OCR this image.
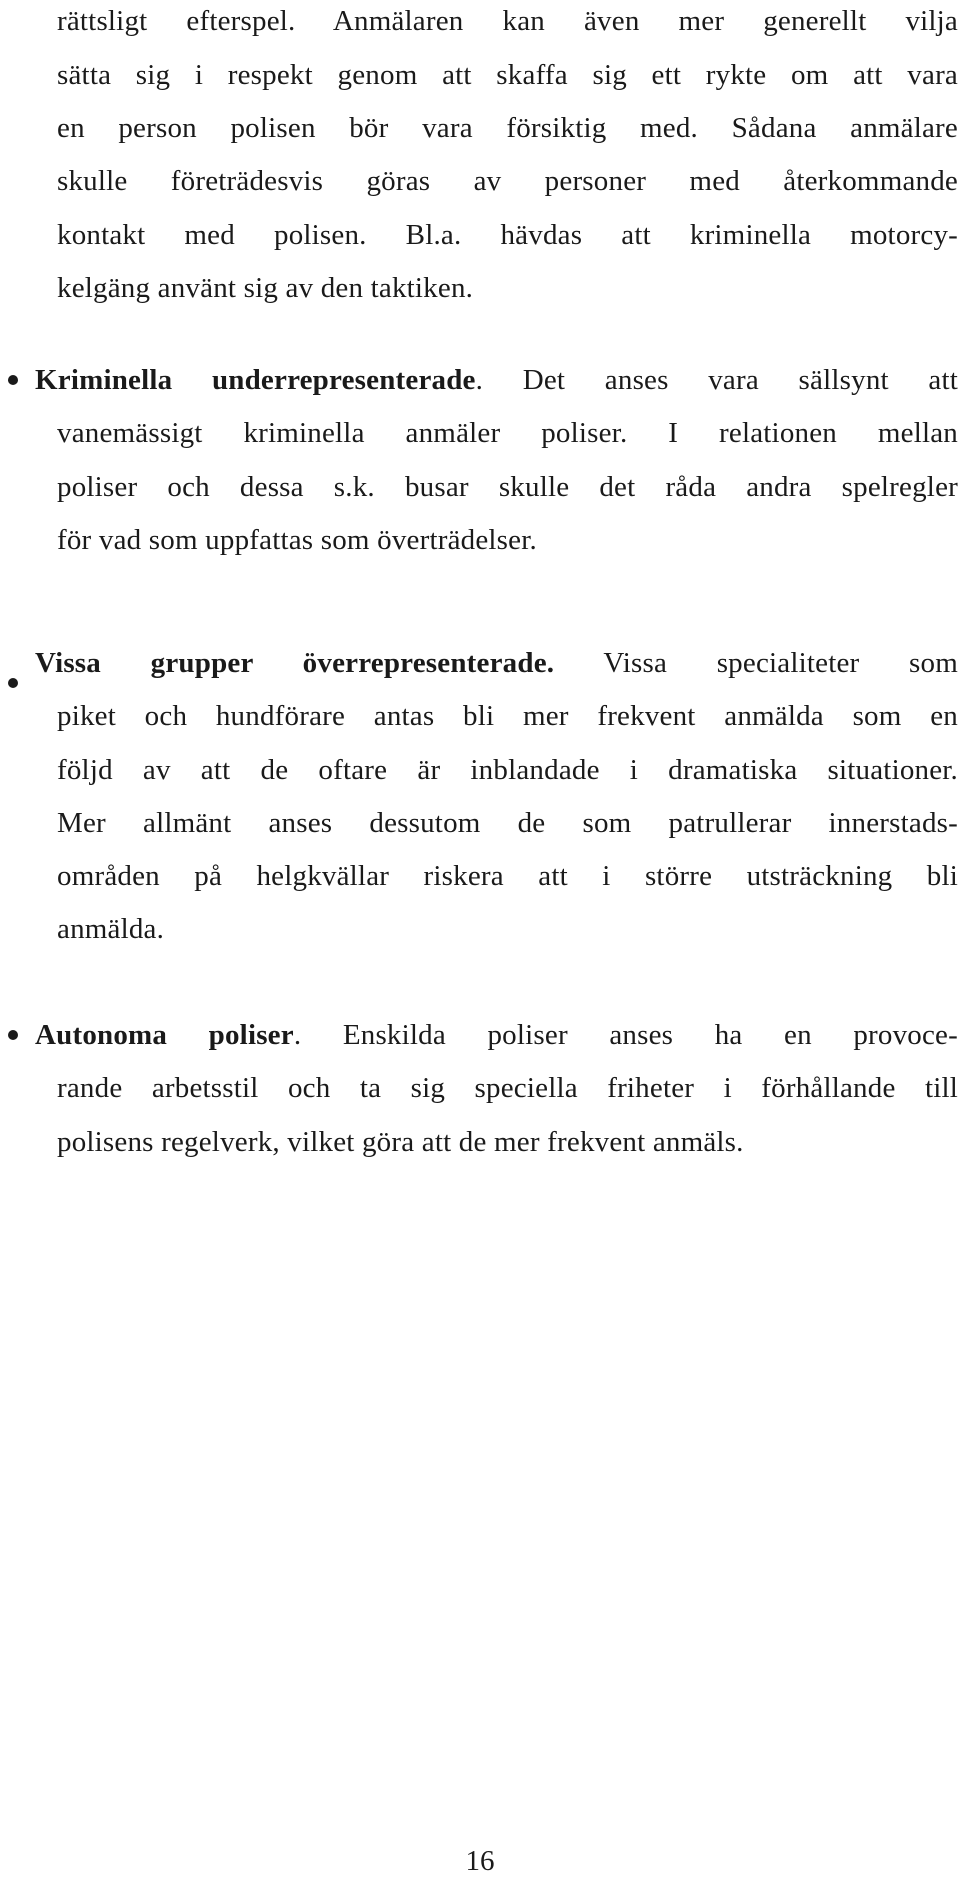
rättsligt efterspel. Anmälaren kan även mer generellt vilja

sätta sig i respekt genom att skaffa sig ett rykte om att vara

en person polisen bör vara försiktig med. Sådana anmälare

skulle företrädesvis göras av personer med återkommande

kontakt med polisen. Bl.a. hävdas att kriminella motorcy-

kelgäng använt sig av den taktiken.

Kriminella underrepresenterade. Det anses vara sällsynt att

vanemässigt kriminella anmäler poliser. I relationen mellan

poliser och dessa s.k. busar skulle det råda andra spelregler

för vad som uppfattas som överträdelser.

Vissa grupper överrepresenterade. Vissa specialiteter som

piket och hundförare antas bli mer frekvent anmälda som en

följd av att de oftare är inblandade i dramatiska situationer.

Mer allmänt anses dessutom de som patrullerar innerstads-

områden på helgkvällar riskera att i större utsträckning bli

anmälda.

Autonoma poliser. Enskilda poliser anses ha en provoce-

rande arbetsstil och ta sig speciella friheter i förhållande till

polisens regelverk, vilket göra att de mer frekvent anmäls.

16
